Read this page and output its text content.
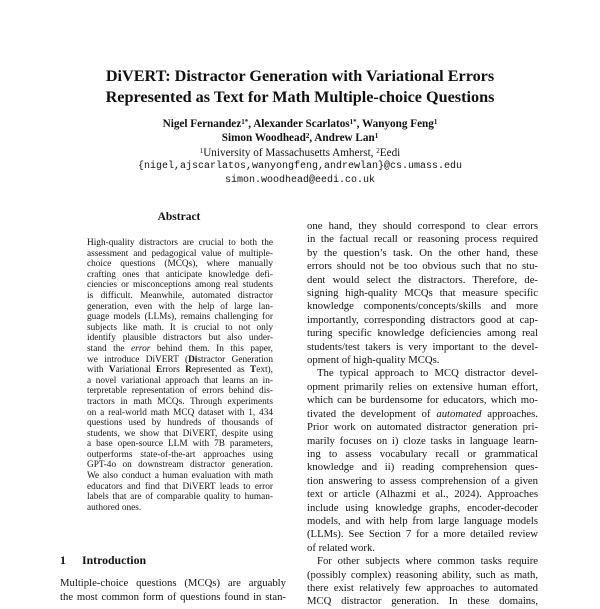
DiVERT: Distractor Generation with Variational Errors
Represented as Text for Math Multiple-choice Questions
Nigel Fernandez$^{1*}$, Alexander Scarlatos$^{1*}$, Wanyong Feng$^1$
Simon Woodhead$^2$, Andrew Lan$^1$
$^1$University of Massachusetts Amherst, $^2$Eedi
{nigel,ajscarlatos,wanyongfeng,andrewlan}@cs.umass.edu
simon.woodhead@eedi.co.uk
Abstract
High-quality distractors are crucial to both the
assessment and pedagogical value of multiple-
choice questions (MCQs), where manually
crafting ones that anticipate knowledge defi-
ciencies or misconceptions among real students
is difficult. Meanwhile, automated distractor
generation, even with the help of large lan-
guage models (LLMs), remains challenging for
subjects like math. It is crucial to not only
identify plausible distractors but also under-
stand the error behind them. In this paper,
we introduce DiVERT (Distractor Generation
with Variational Errors Represented as Text),
a novel variational approach that learns an in-
terpretable representation of errors behind dis-
tractors in math MCQs. Through experiments
on a real-world math MCQ dataset with 1, 434
questions used by hundreds of thousands of
students, we show that DiVERT, despite using
a base open-source LLM with 7B parameters,
outperforms state-of-the-art approaches using
GPT-4o on downstream distractor generation.
We also conduct a human evaluation with math
educators and find that DiVERT leads to error
labels that are of comparable quality to human-
authored ones.
1 Introduction
Multiple-choice questions (MCQs) are arguably
the most common form of questions found in stan-
one hand, they should correspond to clear errors
in the factual recall or reasoning process required
by the question’s task. On the other hand, these
errors should not be too obvious such that no stu-
dent would select the distractors. Therefore, de-
signing high-quality MCQs that measure specific
knowledge components/concepts/skills and more
importantly, corresponding distractors good at cap-
turing specific knowledge deficiencies among real
students/test takers is very important to the devel-
opment of high-quality MCQs.
The typical approach to MCQ distractor devel-
opment primarily relies on extensive human effort,
which can be burdensome for educators, which mo-
tivated the development of automated approaches.
Prior work on automated distractor generation pri-
marily focuses on i) cloze tasks in language learn-
ing to assess vocabulary recall or grammatical
knowledge and ii) reading comprehension ques-
tion answering to assess comprehension of a given
text or article (Alhazmi et al., 2024). Approaches
include using knowledge graphs, encoder-decoder
models, and with help from large language models
(LLMs). See Section 7 for a more detailed review
of related work.
For other subjects where common tasks require
(possibly complex) reasoning ability, such as math,
there exist relatively few approaches to automated
MCQ distractor generation. In these domains,
